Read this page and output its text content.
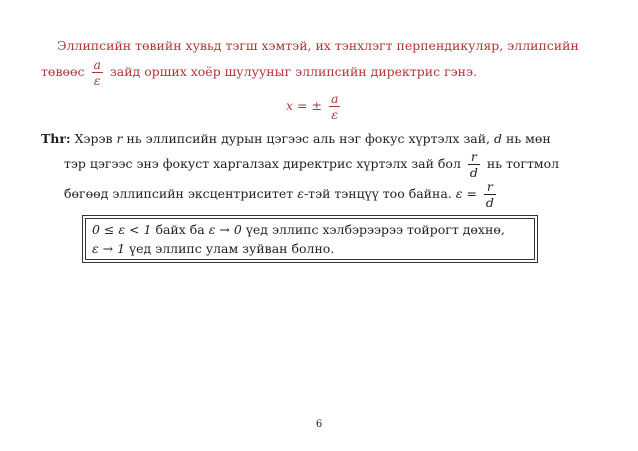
Эллипсийн төвийн хувьд тэгш хэмтэй, их тэнхлэгт перпендикуляр, эллипсийн
төвөөс $\frac{a}{\varepsilon}$ зайд орших хоёр шулууныг эллипсийн директрис гэнэ.
x = ± $\frac{a}{\varepsilon}$
Thr: Хэрэв r нь эллипсийн дурын цэгээс аль нэг фокус хүртэлх зай, d нь мөн
тэр цэгээс энэ фокуст харгалзах директрис хүртэлх зай бол $\frac{r}{d}$ нь тогтмол
бөгөөд эллипсийн эксцентриситет ε-тэй тэнцүү тоо байна. $\varepsilon = \frac{r}{d}$
0 ≤ ε < 1 байх ба ε → 0 үед эллипс хэлбэрээрээ тойрогт дөхнө,
ε → 1 үед эллипс улам зуйван болно.
6
